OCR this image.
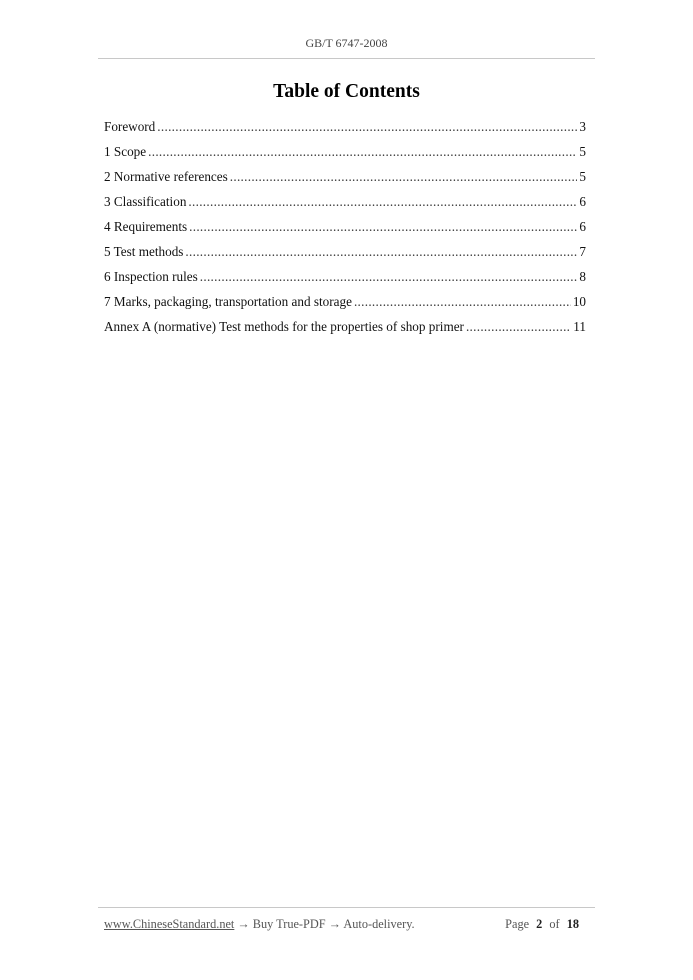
GB/T 6747-2008
Table of Contents
Foreword .....	3
1 Scope .....	5
2 Normative references .....	5
3 Classification .....	6
4 Requirements .....	6
5 Test methods .....	7
6 Inspection rules .....	8
7 Marks, packaging, transportation and storage .....	10
Annex A (normative) Test methods for the properties of shop primer .....	11
www.ChineseStandard.net → Buy True-PDF → Auto-delivery.	Page 2 of 18
